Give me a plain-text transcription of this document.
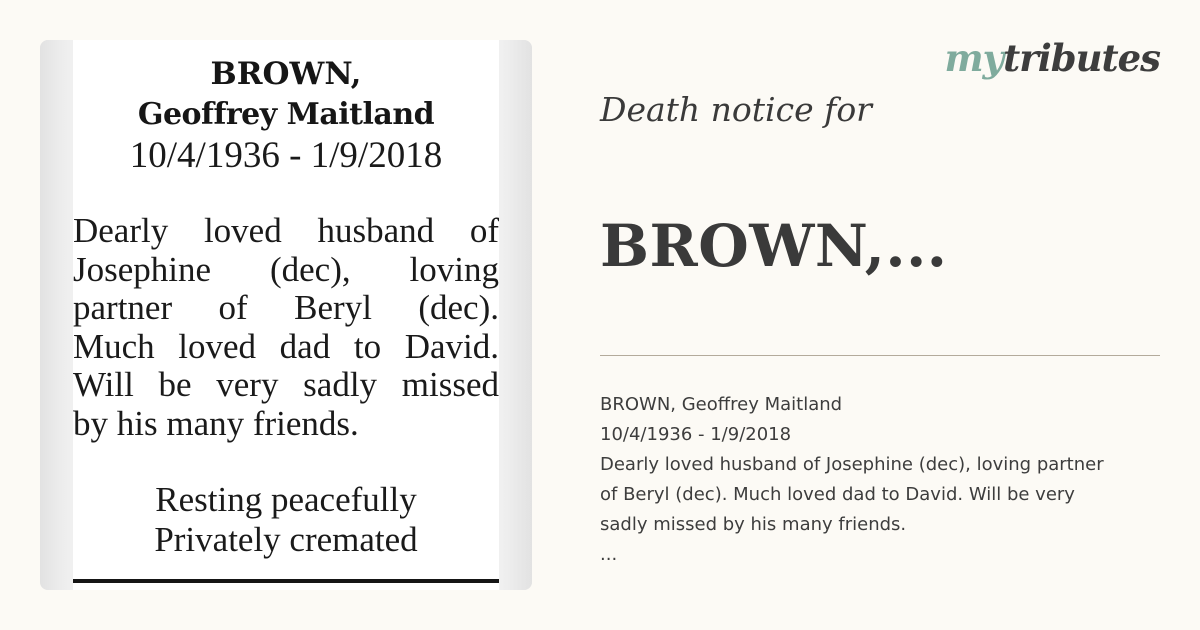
BROWN,
Geoffrey Maitland
10/4/1936 - 1/9/2018
Dearly loved husband of
Josephine (dec), loving
partner of Beryl (dec).
Much loved dad to David.
Will be very sadly missed
by his many friends.
Resting peacefully
Privately cremated
mytributes
Death notice for
BROWN,...
BROWN, Geoffrey Maitland
10/4/1936 - 1/9/2018
Dearly loved husband of Josephine (dec), loving partner
of Beryl (dec). Much loved dad to David. Will be very
sadly missed by his many friends.
...
